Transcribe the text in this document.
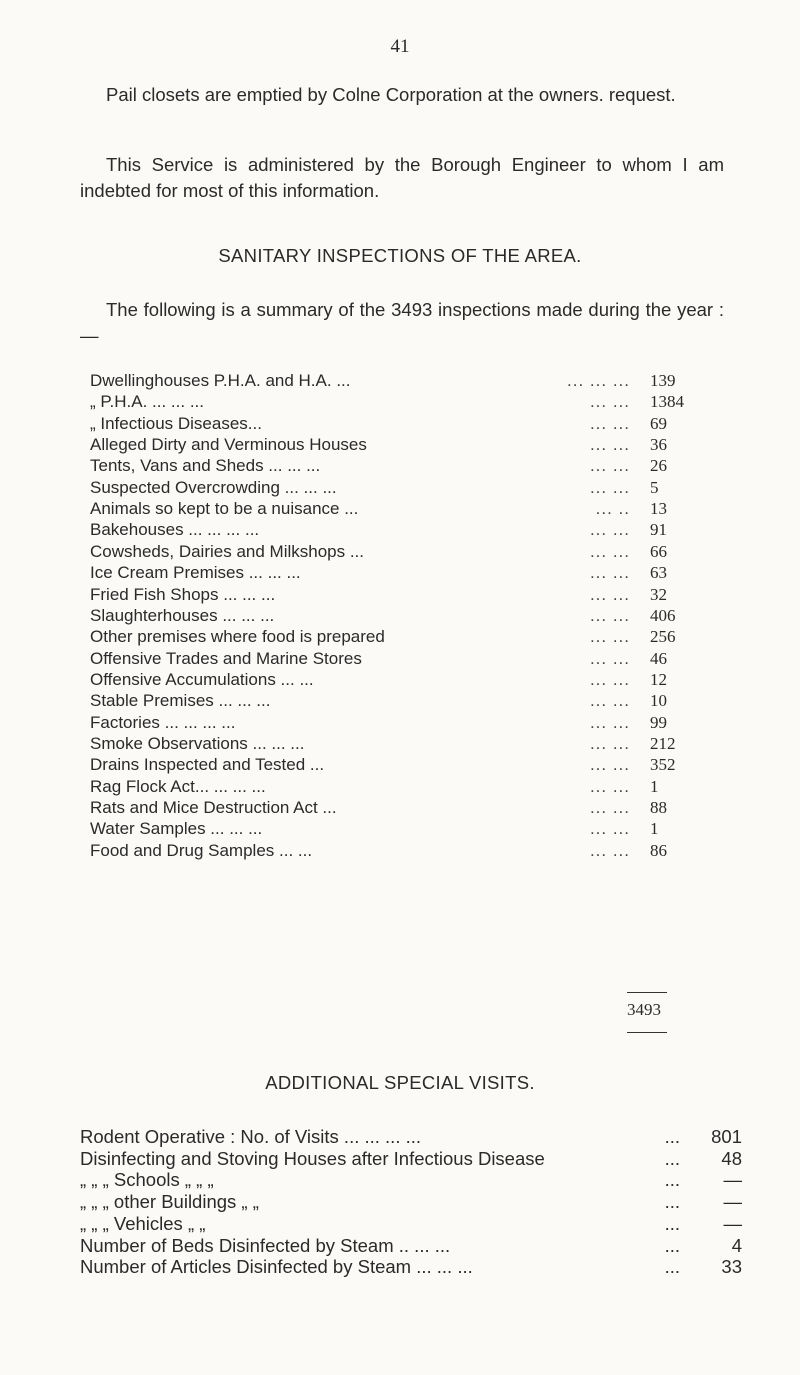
41

Pail closets are emptied by Colne Corporation at the owners. request.

This Service is administered by the Borough Engineer to whom I am indebted for most of this information.

SANITARY INSPECTIONS OF THE AREA.

The following is a summary of the 3493 inspections made during the year :—

Dwellinghouses P.H.A. and H.A. ...	... ... ... 139
„ P.H.A. ... ... ...	... ... 1384
„ Infectious Diseases...	... ... 69
Alleged Dirty and Verminous Houses	... ... 36
Tents, Vans and Sheds ... ... ...	... ... 26
Suspected Overcrowding ... ... ...	... ... 5
Animals so kept to be a nuisance ...	... .. 13
Bakehouses ... ... ... ...	... ... 91
Cowsheds, Dairies and Milkshops ...	... ... 66
Ice Cream Premises ... ... ...	... ... 63
Fried Fish Shops ... ... ...	... ... 32
Slaughterhouses ... ... ...	... ... 406
Other premises where food is prepared	... ... 256
Offensive Trades and Marine Stores	... ... 46
Offensive Accumulations ... ...	... ... 12
Stable Premises ... ... ...	... ... 10
Factories ... ... ... ...	... ... 99
Smoke Observations ... ... ...	... ... 212
Drains Inspected and Tested ...	... ... 352
Rag Flock Act... ... ... ...	... ... 1
Rats and Mice Destruction Act ...	... ... 88
Water Samples ... ... ...	... ... 1
Food and Drug Samples ... ...	... ... 86
3493
ADDITIONAL SPECIAL VISITS.
Rodent Operative : No. of Visits ... ... ... ...	...	801
Disinfecting and Stoving Houses after Infectious Disease	...	48
„ „ „ Schools „ „ „	...	—
„ „ „ other Buildings „ „	...	—
„ „ „ Vehicles „ „	...	—
Number of Beds Disinfected by Steam .. ... ...	...	4
Number of Articles Disinfected by Steam ... ... ...	...	33
